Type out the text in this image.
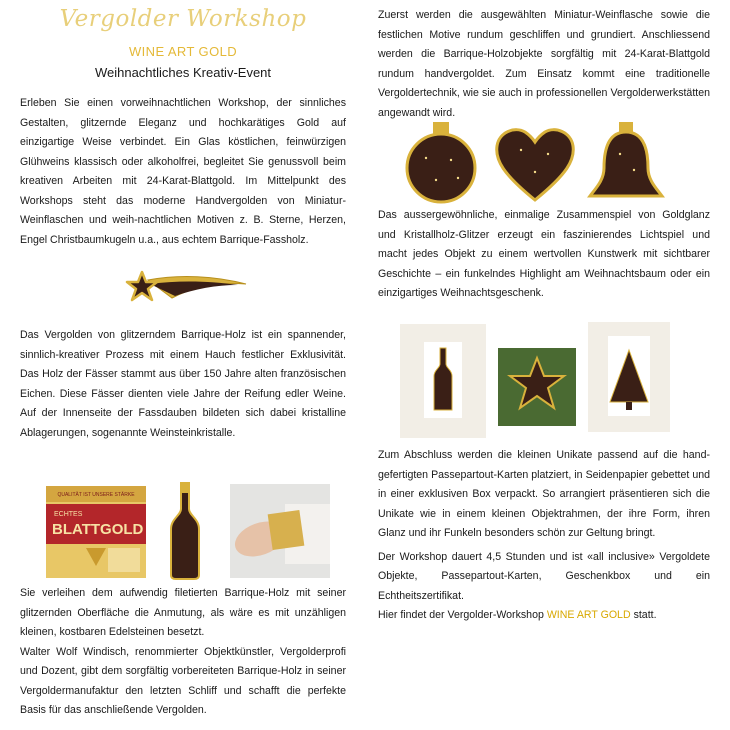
Vergolder Workshop
WINE ART GOLD
Weihnachtliches Kreativ-Event

Erleben Sie einen vorweihnachtlichen Workshop, der sinnliches Gestalten, glitzernde Eleganz und hochkarätiges Gold auf einzigartige Weise verbindet. Ein Glas köstlichen, feinwürzigen Glühweins klassisch oder alkoholfrei, begleitet Sie genussvoll beim kreativen Arbeiten mit 24-Karat-Blattgold. Im Mittelpunkt des Workshops steht das moderne Handvergolden von Miniatur-Weinflaschen und weih-nachtlichen Motiven z. B. Sterne, Herzen, Engel Christbaumkugeln u.a., aus echtem Barrique-Fassholz.

Das Vergolden von glitzerndem Barrique-Holz ist ein spannender, sinnlich-kreativer Prozess mit einem Hauch festlicher Exklusivität. Das Holz der Fässer stammt aus über 150 Jahre alten französischen Eichen. Diese Fässer dienten viele Jahre der Reifung edler Weine. Auf der Innenseite der Fassdauben bildeten sich dabei kristalline Ablagerungen, sogenannte Weinsteinkristalle.

QUALITÄT IST UNSERE STÄRKE
ECHTES
BLATTGOLD

Sie verleihen dem aufwendig filetierten Barrique-Holz mit seiner glitzernden Oberfläche die Anmutung, als wäre es mit unzähligen kleinen, kostbaren Edelsteinen besetzt.

Walter Wolf Windisch, renommierter Objektkünstler, Vergolderprofi und Dozent, gibt dem sorgfältig vorbereiteten Barrique-Holz in seiner Vergoldermanufaktur den letzten Schliff und schafft die perfekte Basis für das anschließende Vergolden.

Zuerst werden die ausgewählten Miniatur-Weinflasche sowie die festlichen Motive rundum geschliffen und grundiert. Anschliessend werden die Barrique-Holzobjekte sorgfältig mit 24-Karat-Blattgold rundum handvergoldet. Zum Einsatz kommt eine traditionelle Vergoldertechnik, wie sie auch in professionellen Vergolderwerkstätten angewandt wird.

Das aussergewöhnliche, einmalige Zusammenspiel von Goldglanz und Kristallholz-Glitzer erzeugt ein faszinierendes Lichtspiel und macht jedes Objekt zu einem wertvollen Kunstwerk mit sichtbarer Geschichte – ein funkelndes Highlight am Weihnachtsbaum oder ein einzigartiges Weihnachtsgeschenk.

Zum Abschluss werden die kleinen Unikate passend auf die hand-gefertigten Passepartout-Karten platziert, in Seidenpapier gebettet und in einer exklusiven Box verpackt. So arrangiert präsentieren sich die Unikate wie in einem kleinen Objektrahmen, der ihre Form, ihren Glanz und ihr Funkeln besonders schön zur Geltung bringt.

Der Workshop dauert 4,5 Stunden und ist «all inclusive» Vergoldete Objekte, Passepartout-Karten, Geschenkbox und ein Echtheitszertifikat.

Hier findet der Vergolder-Workshop WINE ART GOLD statt.
